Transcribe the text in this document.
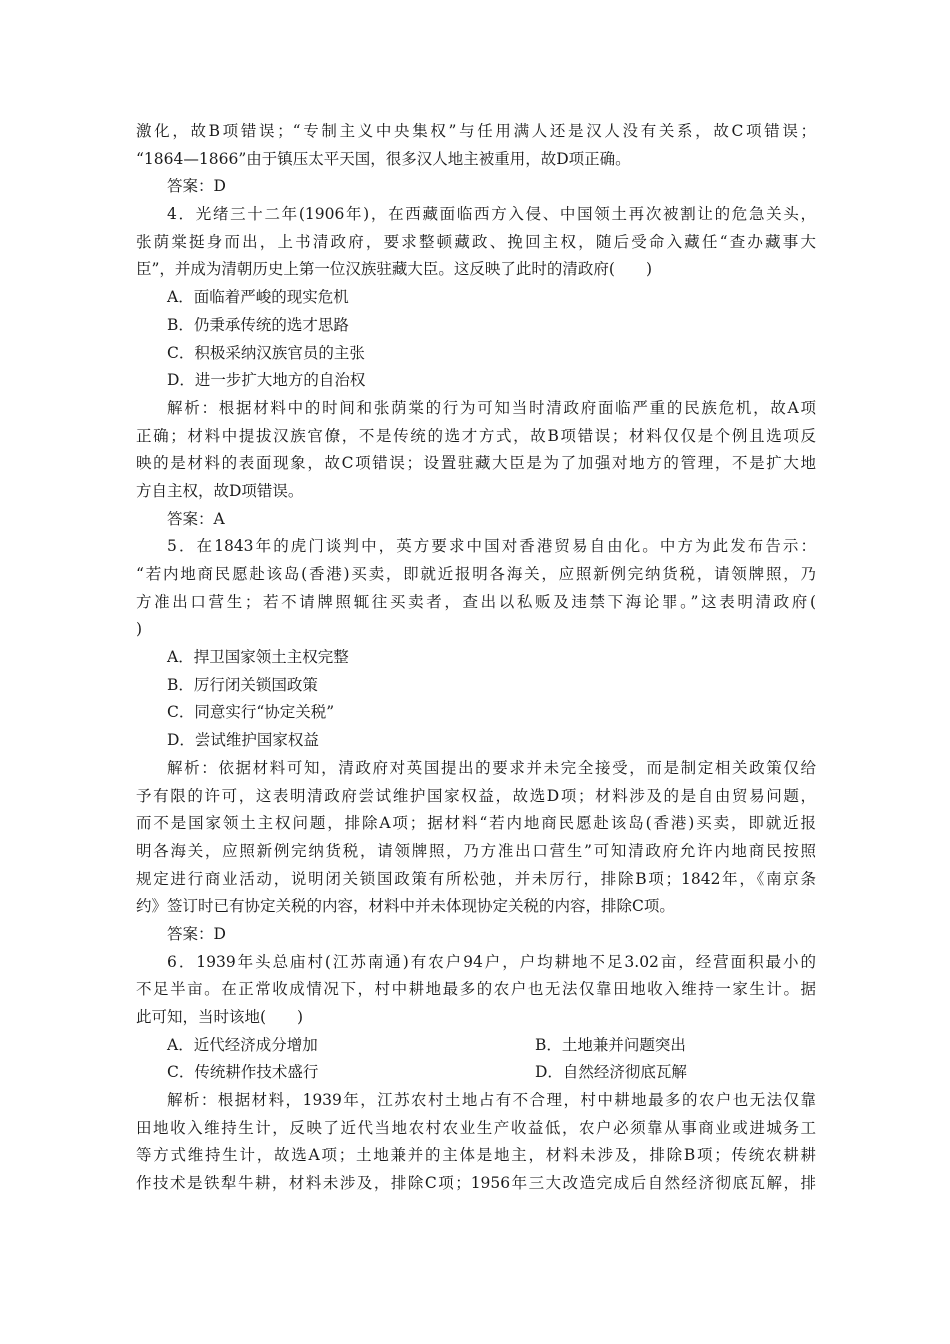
激化，故B项错误；“专制主义中央集权”与任用满人还是汉人没有关系，故C项错误；
“1864—1866”由于镇压太平天国，很多汉人地主被重用，故D项正确。
答案：D
4．光绪三十二年(1906年)，在西藏面临西方入侵、中国领土再次被割让的危急关头，
张荫棠挺身而出，上书清政府，要求整顿藏政、挽回主权，随后受命入藏任“查办藏事大
臣”，并成为清朝历史上第一位汉族驻藏大臣。这反映了此时的清政府(　　)
A．面临着严峻的现实危机
B．仍秉承传统的选才思路
C．积极采纳汉族官员的主张
D．进一步扩大地方的自治权
解析：根据材料中的时间和张荫棠的行为可知当时清政府面临严重的民族危机，故A项
正确；材料中提拔汉族官僚，不是传统的选才方式，故B项错误；材料仅仅是个例且选项反
映的是材料的表面现象，故C项错误；设置驻藏大臣是为了加强对地方的管理，不是扩大地
方自主权，故D项错误。
答案：A
5．在1843年的虎门谈判中，英方要求中国对香港贸易自由化。中方为此发布告示：
“若内地商民愿赴该岛(香港)买卖，即就近报明各海关，应照新例完纳货税，请领牌照，乃
方准出口营生；若不请牌照辄往买卖者，查出以私贩及违禁下海论罪。”这表明清政府(
)
A．捍卫国家领土主权完整
B．厉行闭关锁国政策
C．同意实行“协定关税”
D．尝试维护国家权益
解析：依据材料可知，清政府对英国提出的要求并未完全接受，而是制定相关政策仅给
予有限的许可，这表明清政府尝试维护国家权益，故选D项；材料涉及的是自由贸易问题，
而不是国家领土主权问题，排除A项；据材料“若内地商民愿赴该岛(香港)买卖，即就近报
明各海关，应照新例完纳货税，请领牌照，乃方准出口营生”可知清政府允许内地商民按照
规定进行商业活动，说明闭关锁国政策有所松弛，并未厉行，排除B项；1842年，《南京条
约》签订时已有协定关税的内容，材料中并未体现协定关税的内容，排除C项。
答案：D
6．1939年头总庙村(江苏南通)有农户94户，户均耕地不足3.02亩，经营面积最小的
不足半亩。在正常收成情况下，村中耕地最多的农户也无法仅靠田地收入维持一家生计。据
此可知，当时该地(　　)
A．近代经济成分增加	B．土地兼并问题突出
C．传统耕作技术盛行	D．自然经济彻底瓦解
解析：根据材料，1939年，江苏农村土地占有不合理，村中耕地最多的农户也无法仅靠
田地收入维持生计，反映了近代当地农村农业生产收益低，农户必须靠从事商业或进城务工
等方式维持生计，故选A项；土地兼并的主体是地主，材料未涉及，排除B项；传统农耕耕
作技术是铁犁牛耕，材料未涉及，排除C项；1956年三大改造完成后自然经济彻底瓦解，排
